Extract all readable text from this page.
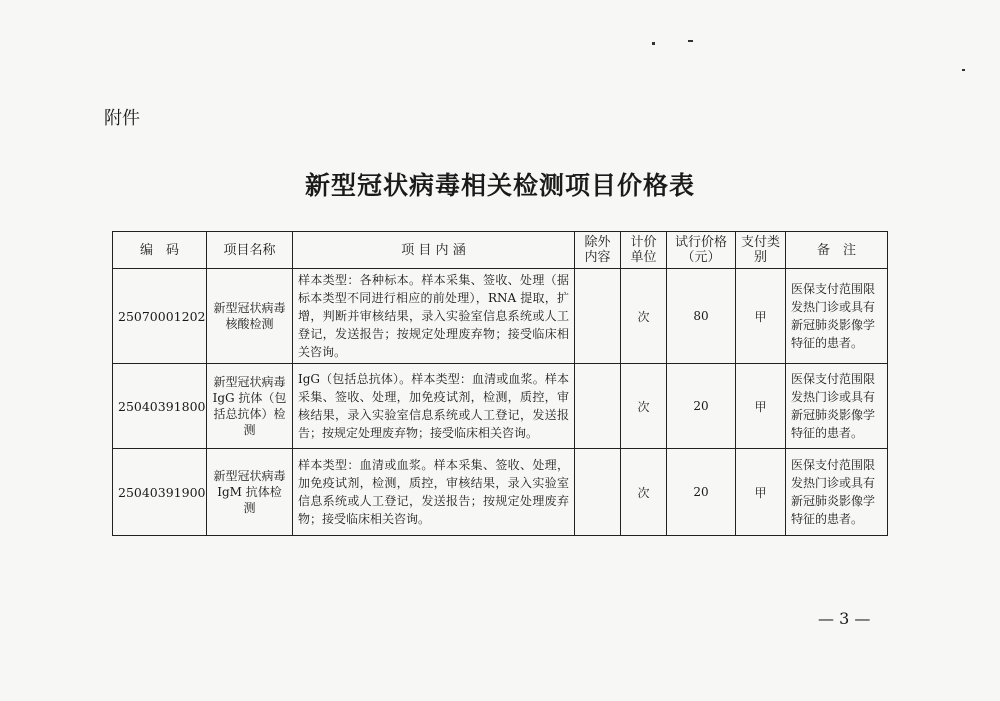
附件
新型冠状病毒相关检测项目价格表
编　码	项目名称	项 目 内 涵	除外内容	计价单位	试行价格（元）	支付类别	备　注
25070001202	新型冠状病毒核酸检测	样本类型：各种标本。样本采集、签收、处理（据标本类型不同进行相应的前处理），RNA 提取，扩增，判断并审核结果，录入实验室信息系统或人工登记，发送报告；按规定处理废弃物；接受临床相关咨询。		次	80	甲	医保支付范围限发热门诊或具有新冠肺炎影像学特征的患者。
25040391800	新型冠状病毒 IgG 抗体（包括总抗体）检测	IgG（包括总抗体）。样本类型：血清或血浆。样本采集、签收、处理，加免疫试剂，检测，质控，审核结果，录入实验室信息系统或人工登记，发送报告；按规定处理废弃物；接受临床相关咨询。		次	20	甲	医保支付范围限发热门诊或具有新冠肺炎影像学特征的患者。
25040391900	新型冠状病毒 IgM 抗体检测	样本类型：血清或血浆。样本采集、签收、处理，加免疫试剂，检测，质控，审核结果，录入实验室信息系统或人工登记，发送报告；按规定处理废弃物；接受临床相关咨询。		次	20	甲	医保支付范围限发热门诊或具有新冠肺炎影像学特征的患者。
— 3 —
